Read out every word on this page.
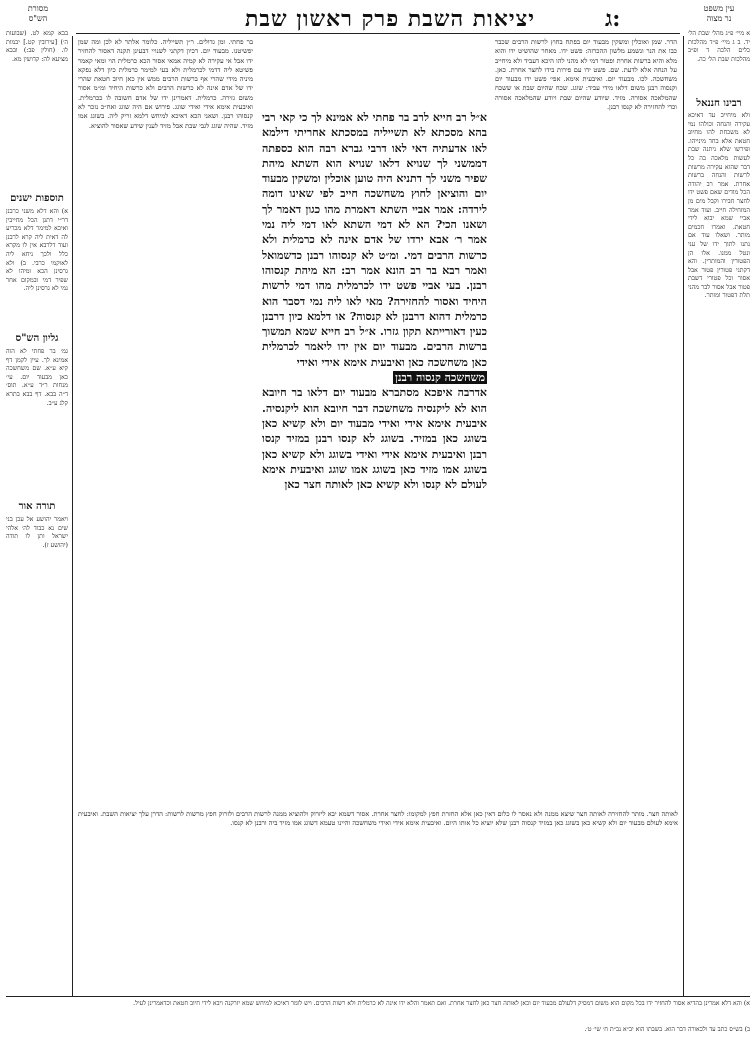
מסורת
הש"ס
עין משפט
נר מצוה
יציאות השבת פרק ראשון שבת	ג:
בבא קמא לט. (שבועות ה׳) [עירובין קט.] יבמות לו. (חולין פב:) ובבא מציעא לה: קדושין מא.
תוספות ישנים
א) והא דלא משני כרבנן דר״י דתנן הכל מחייבין ואיכא למימר דלא מכריע לה דאית ליה קרא לרבנן ועוד דלרבא אין לו מקרא כלל ולכך ניחא ליה לאוקמי כרבי. ב) ולא גרסינן הכא ומיהו לא שפיר דמי ובמקום אחר נמי לא גרסינן ליה.
גליון הש"ס
גמ׳ בר פחתי לא הוה אמינא לך. עיין לקמן דף קיא ע״א. שם משחשכה כאן מבעוד יום. עי׳ מנחות ר״ד ע״א. תוס׳ ד״ה בבא. דף בבא בתרא קלג ע״ב.
תורה אור
ויאמר יהושע אל עכן בני שים נא כבוד לה׳ אלהי ישראל ותן לו תודה (יהושע ז).
א מיי׳ פ״ג מהל׳ שבת הל׳ יד. ב ג מיי׳ פ״ד מהלכות כלים הלכה ד ופ״ב מהלכות שבת הל׳ כה.
רבינו חננאל
ולא מיחייב עד דאיכא עקירה והנחה וכולהו נמי לא משכחת להו מחיוב חטאת אלא בחד מינייהו. ופירשו שלא ניתנה שבת לעשות מלאכה בה כל דבר שהוא עקירה מרשות לרשות והנחה ברשות אחרת. אמר רב יהודה הכל מודים שאם פשט ידו לחצר חבירו וקבל מים מן המזחילה חייב. ועוד אמר אביי שמא יבוא לידי חטאת. ואמרו חכמים מותר. ושאלו עוד אם נתנו לתוך ידו של עני ונטל ממנו. אלו הן הפטורין והמותרין. והא דקתני פטורין פטור אבל אסור וכל פטורי דשבת פטור אבל אסור לבר מהני תלת דפטור ומותר.
בר פחתי. ומן גדולים. ר״ן תשייליה. כלומר אלתר לא לכן ומה שמן יפשיטנו. מבעוד יום. דכיון דקתני לשנויי דבעינן תקנה דאסור להחזיר ידו אבל אי עקירה לא קמיה אמאי אסור הכא כרמלית הוי ומאי קאמר פשיטא ליה דדמי לכרמלית ולא בעי למימר כרמלית כיון דלא נפקא מיניה מידי שהרי אף ברשות הרבים ממש אין כאן חיוב חטאת שהרי ידו של אדם אינה לא כרשות הרבים ולא כרשות היחיד ומ״מ אסור משום גזירה. כרמלית. דאמרינן ידו של אדם חשובה לו ככרמלית. ואיבעית אימא אידי ואידי שוגג. פירוש אם היה שוגג ואח״כ נזכר לא קנסוהו רבנן. ושאני הכא דאיכא למיחש דלמא זריק ליה. בשוגג אמו מזיד. שהיה שוגג לגבי שבת אבל מזיד לענין שידע שאסור להוציא.
א״ל רב חייא לרב בר פחתי לא אמינא לך כי קאי רבי בהא מסכתא לא תשייליה במסכתא אחריתי דילמא לאו אדעתיה דאי לאו דרבי גברא רבה הוא כספתה דממשני לך שנויא דלאו שנויא הוא השתא מיהת שפיר משני לך דתניא היה טוען אוכלין ומשקין מבעוד יום והוציאן לחוץ משחשכה חייב לפי שאינו דומה לירדה: אמר אביי השתא דאמרת מהו כגון דאמר לך ושאנו הכי? הא לא דמי השתא לאו דמי ליה נמי אמר ר׳ אבא ירדו של אדם אינה לא כרמלית ולא כרשות הרבים דמי. ומ״ט לא קנסוהו רבנן כדשמואל ואמר רבא בר רב הונא אמר רב: הא מיהת קנסוהו רבנן. בעי אביי פשט ידו לכרמלית מהו דמי לרשות היחיד ואסור להחזירה? מאי לאו ליה נמי דסבר הוא כרמלית דהוא דרבנן לא קנסוה? או דלמא כיון דרבנן כעין דאורייתא תקון גזרו. א״ל רב חייא שמא תמשוך ברשות הרבים. מבעוד יום אין ידו ליאמר לכרמלית כאן משחשכה כאן ואיבעית אימא אידי ואידי
משחשכה קנסוה רבנן
אדרבה איפכא מסתברא מבעוד יום דלאו בר חיובא הוא לא ליקנסיה משחשכה דבר חיובא הוא ליקנסיה. איבעית אימא אידי ואידי מבעוד יום ולא קשיא כאן בשוגג כאן במזיד. בשוגג לא קנסו רבנן במזיד קנסו רבנן ואיבעית אימא אידי ואידי בשוגג ולא קשיא כאן בשוגג אמו מזיד כאן בשוגג אמו שוגג ואיבעית אימא לעולם לא קנסו ולא קשיא כאן לאותה חצר כאן
הדר. שמן ואוכלין ומשקין מבעוד יום בפתח בחוץ לרשות הרבים שכבר כבו את הנר ונשמע מלשון ההכרזה: פשט ידו. מאחר שהושיט ידו והוא מלא והיא ברשות אחרת ופטור דמי לא מהני להו היכא דעביד ולא מיחייב על הנחה אלא לדעת. שם. פשט ידו עם פירות בידו לחצר אחרת. כאן. משחשכה. לכו. מבעוד יום. ואיבעית אימא. אפי׳ פשט ידו מבעוד יום וקנסוה רבנן משום דלאו מידי עביד: שוגג. שכח שהיום שבת או ששכח שהמלאכה אסורה. מזיד. שיודע שהיום שבת ויודע שהמלאכה אסורה וכדי להחזירה לא קנסו רבנן.
לאותה חצר. מותר להחזירה לאותה חצר שיצא ממנה ולא נאסר לו כלום דאין כאן אלא החזרת חפץ למקומו: לחצר אחרת. אסור דשמא יבא ליזרוק ולהוציא ממנה לרשות הרבים ולזרוק חפץ מרשות לרשות: הדרן עלך יציאות השבת. ואיבעית אימא לעולם מבעוד יום ולא קשיא כאן בשוגג כאן במזיד קנסוה רבנן שלא יוציא כל אותו היום. ואיבעית אימא אידי ואידי משחשכה והיינו טעמא דשוגג אמו מזיד ביה ורבנן לא קנסו.
א) והא דלא אמרינן בהדיא אסור להחזיר ידו בכל מקום הוא משום דמסיק דלעולם מבעוד יום וכאן לאותה חצר כאן לחצר אחרת. ואם תאמר והלא ידו אינה לא כרמלית ולא רשות הרבים. ויש לומר דאיכא למיחש שמא יזרקנה ויבא לידי חיוב חטאת וכדאמרינן לעיל.
ב) בש״ס כתב עד ולכאורה דבר הוא. בשבתו הוא יב״א נב״ת ח׳ שי׳ ט׳.
